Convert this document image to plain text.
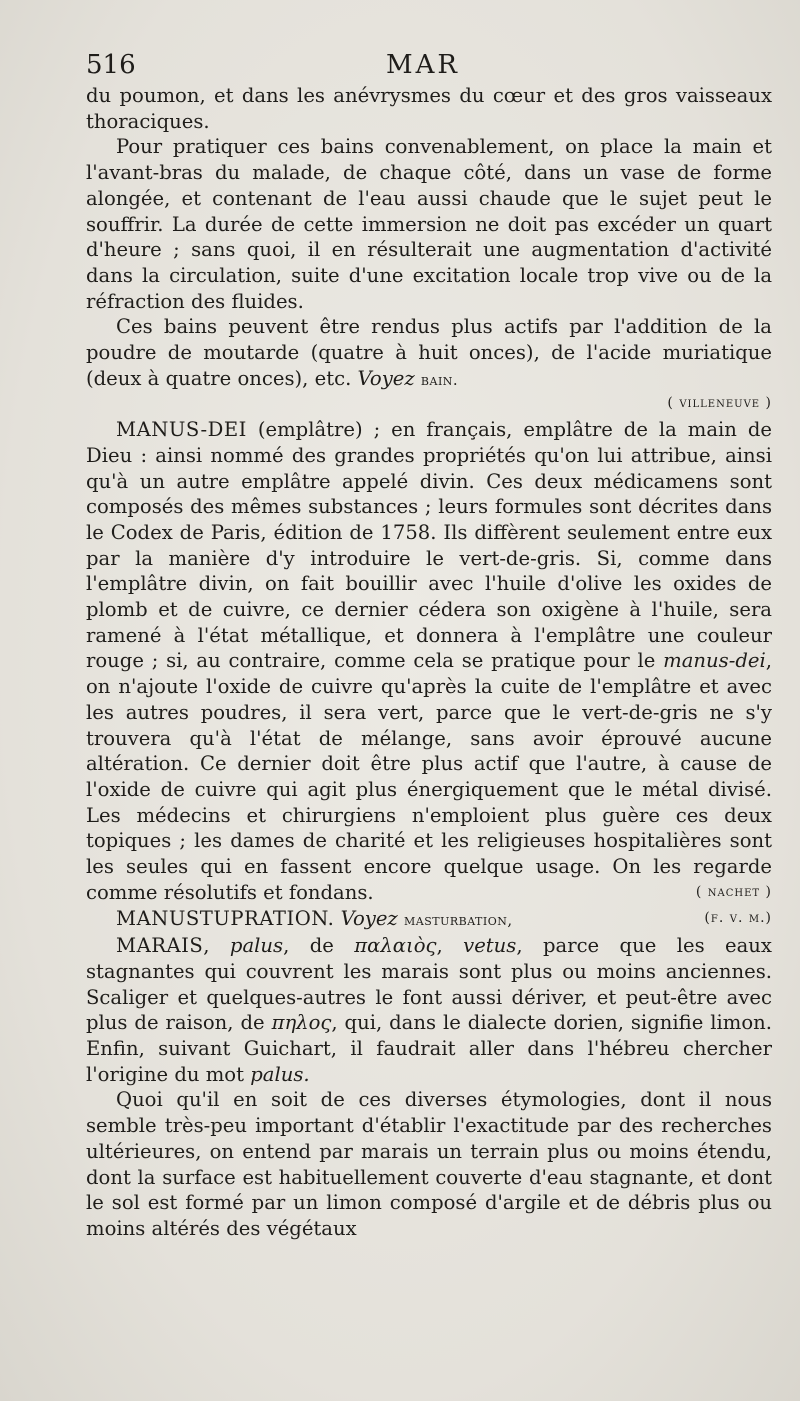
516	MAR

du poumon, et dans les anévrysmes du cœur et des gros vaisseaux thoraciques.

Pour pratiquer ces bains convenablement, on place la main et l'avant-bras du malade, de chaque côté, dans un vase de forme alongée, et contenant de l'eau aussi chaude que le sujet peut le souffrir. La durée de cette immersion ne doit pas excéder un quart d'heure ; sans quoi, il en résulterait une augmentation d'activité dans la circulation, suite d'une excitation locale trop vive ou de la réfraction des fluides.

Ces bains peuvent être rendus plus actifs par l'addition de la poudre de moutarde (quatre à huit onces), de l'acide muriatique (deux à quatre onces), etc. Voyez bain.
( villeneuve )

MANUS-DEI (emplâtre) ; en français, emplâtre de la main de Dieu : ainsi nommé des grandes propriétés qu'on lui attribue, ainsi qu'à un autre emplâtre appelé divin. Ces deux médicamens sont composés des mêmes substances ; leurs formules sont décrites dans le Codex de Paris, édition de 1758. Ils diffèrent seulement entre eux par la manière d'y introduire le vert-de-gris. Si, comme dans l'emplâtre divin, on fait bouillir avec l'huile d'olive les oxides de plomb et de cuivre, ce dernier cédera son oxigène à l'huile, sera ramené à l'état métallique, et donnera à l'emplâtre une couleur rouge ; si, au contraire, comme cela se pratique pour le manus-dei, on n'ajoute l'oxide de cuivre qu'après la cuite de l'emplâtre et avec les autres poudres, il sera vert, parce que le vert-de-gris ne s'y trouvera qu'à l'état de mélange, sans avoir éprouvé aucune altération. Ce dernier doit être plus actif que l'autre, à cause de l'oxide de cuivre qui agit plus énergiquement que le métal divisé. Les médecins et chirurgiens n'emploient plus guère ces deux topiques ; les dames de charité et les religieuses hospitalières sont les seules qui en fassent encore quelque usage. On les regarde comme résolutifs et fondans.	( nachet )

MANUSTUPRATION. Voyez masturbation,	(f. v. m.)

MARAIS, palus, de παλαιὸς, vetus, parce que les eaux stagnantes qui couvrent les marais sont plus ou moins anciennes. Scaliger et quelques-autres le font aussi dériver, et peut-être avec plus de raison, de πηλος, qui, dans le dialecte dorien, signifie limon. Enfin, suivant Guichart, il faudrait aller dans l'hébreu chercher l'origine du mot palus.

Quoi qu'il en soit de ces diverses étymologies, dont il nous semble très-peu important d'établir l'exactitude par des recherches ultérieures, on entend par marais un terrain plus ou moins étendu, dont la surface est habituellement couverte d'eau stagnante, et dont le sol est formé par un limon composé d'argile et de débris plus ou moins altérés des végétaux
